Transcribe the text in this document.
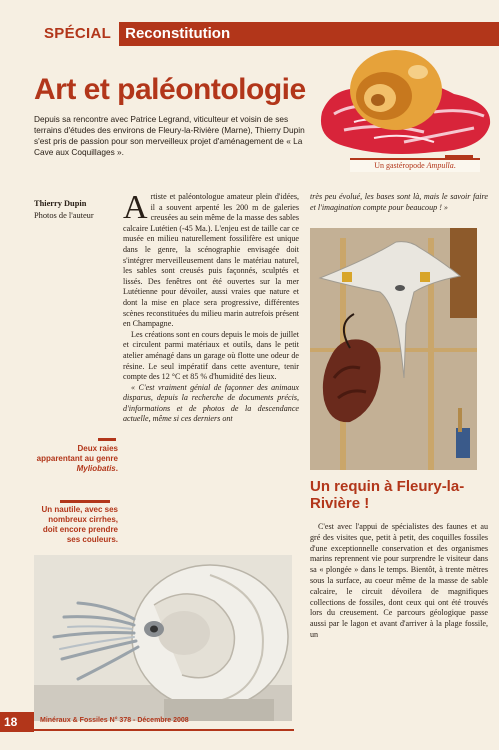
SPÉCIAL Reconstitution
Art et paléontologie
Depuis sa rencontre avec Patrice Legrand, viticulteur et voisin de ses terrains d'études des environs de Fleury-la-Rivière (Marne), Thierry Dupin s'est pris de passion pour son merveilleux projet d'aménagement de « La Cave aux Coquillages ».
Un gastéropode Ampulla.
Thierry Dupin
Photos de l'auteur Artiste et paléontologue amateur plein d'idées, il a souvent arpenté les 200 m de galeries creusées au sein même de la masse des sables calcaire Lutétien (-45 Ma.). L'enjeu est de taille car ce musée en milieu naturellement fossilifère est unique dans le genre, la scénographie envisagée doit s'intégrer merveilleusement dans le matériau naturel, les sables sont creusés puis façonnés, sculptés et lissés. Des fenêtres ont été ouvertes sur la mer Lutétienne pour dévoiler, aussi vraies que nature et dont la mise en place sera progressive, différentes scènes reconstituées du milieu marin autrefois présent en Champagne.

Les créations sont en cours depuis le mois de juillet et circulent parmi matériaux et outils, dans le petit atelier aménagé dans un garage où flotte une odeur de résine. Le seul impératif dans cette aventure, tenir compte des 12 °C et 85 % d'humidité des lieux.

« C'est vraiment génial de façonner des animaux disparus, depuis la recherche de documents précis, d'informations et de photos de la descendance actuelle, même si ces derniers ont

très peu évolué, les bases sont là, mais le savoir faire et l'imagination compte pour beaucoup ! »
Deux raies apparentant au genre Myliobatis.
Un nautile, avec ses nombreux cirrhes, doit encore prendre ses couleurs.
Un requin à Fleury-la-Rivière !

C'est avec l'appui de spécialistes des faunes et au gré des visites que, petit à petit, des coquilles fossiles d'une exceptionnelle conservation et des organismes marins reprennent vie pour surprendre le visiteur dans sa « plongée » dans le temps. Bientôt, à trente mètres sous la surface, au coeur même de la masse de sable calcaire, le circuit dévoilera de magnifiques collections de fossiles, dont ceux qui ont été trouvés lors du creusement. Ce parcours géologique passe aussi par le lagon et avant d'arriver à la plage fossile, un

18	Minéraux & Fossiles N° 378 - Décembre 2008
